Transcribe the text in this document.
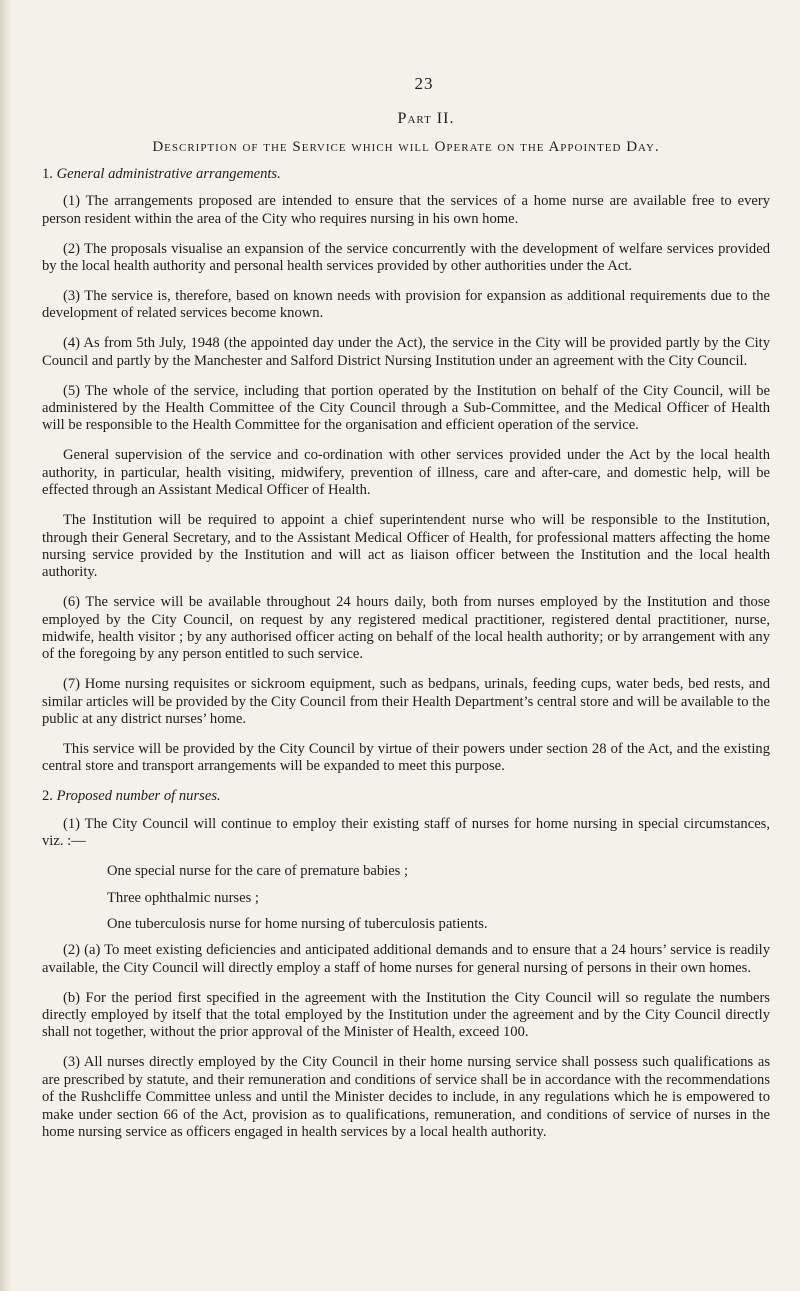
23
Part II.
Description of the Service which will Operate on the Appointed Day.

1. General administrative arrangements.

(1) The arrangements proposed are intended to ensure that the services of a home nurse are available free to every person resident within the area of the City who requires nursing in his own home.

(2) The proposals visualise an expansion of the service concurrently with the development of welfare services provided by the local health authority and personal health services provided by other authorities under the Act.

(3) The service is, therefore, based on known needs with provision for expansion as additional requirements due to the development of related services become known.

(4) As from 5th July, 1948 (the appointed day under the Act), the service in the City will be provided partly by the City Council and partly by the Manchester and Salford District Nursing Institution under an agreement with the City Council.

(5) The whole of the service, including that portion operated by the Institution on behalf of the City Council, will be administered by the Health Committee of the City Council through a Sub-Committee, and the Medical Officer of Health will be responsible to the Health Committee for the organisation and efficient operation of the service.

General supervision of the service and co-ordination with other services provided under the Act by the local health authority, in particular, health visiting, midwifery, prevention of illness, care and after-care, and domestic help, will be effected through an Assistant Medical Officer of Health.

The Institution will be required to appoint a chief superintendent nurse who will be responsible to the Institution, through their General Secretary, and to the Assistant Medical Officer of Health, for professional matters affecting the home nursing service provided by the Institution and will act as liaison officer between the Institution and the local health authority.

(6) The service will be available throughout 24 hours daily, both from nurses employed by the Institution and those employed by the City Council, on request by any registered medical practitioner, registered dental practitioner, nurse, midwife, health visitor ; by any authorised officer acting on behalf of the local health authority; or by arrangement with any of the foregoing by any person entitled to such service.

(7) Home nursing requisites or sickroom equipment, such as bedpans, urinals, feeding cups, water beds, bed rests, and similar articles will be provided by the City Council from their Health Department’s central store and will be available to the public at any district nurses’ home.

This service will be provided by the City Council by virtue of their powers under section 28 of the Act, and the existing central store and transport arrangements will be expanded to meet this purpose.

2. Proposed number of nurses.

(1) The City Council will continue to employ their existing staff of nurses for home nursing in special circumstances, viz. :—

One special nurse for the care of premature babies ;

Three ophthalmic nurses ;

One tuberculosis nurse for home nursing of tuberculosis patients.

(2) (a) To meet existing deficiencies and anticipated additional demands and to ensure that a 24 hours’ service is readily available, the City Council will directly employ a staff of home nurses for general nursing of persons in their own homes.

(b) For the period first specified in the agreement with the Institution the City Council will so regulate the numbers directly employed by itself that the total employed by the Institution under the agreement and by the City Council directly shall not together, without the prior approval of the Minister of Health, exceed 100.

(3) All nurses directly employed by the City Council in their home nursing service shall possess such qualifications as are prescribed by statute, and their remuneration and conditions of service shall be in accordance with the recommendations of the Rushcliffe Committee unless and until the Minister decides to include, in any regulations which he is empowered to make under section 66 of the Act, provision as to qualifications, remuneration, and conditions of service of nurses in the home nursing service as officers engaged in health services by a local health authority.
